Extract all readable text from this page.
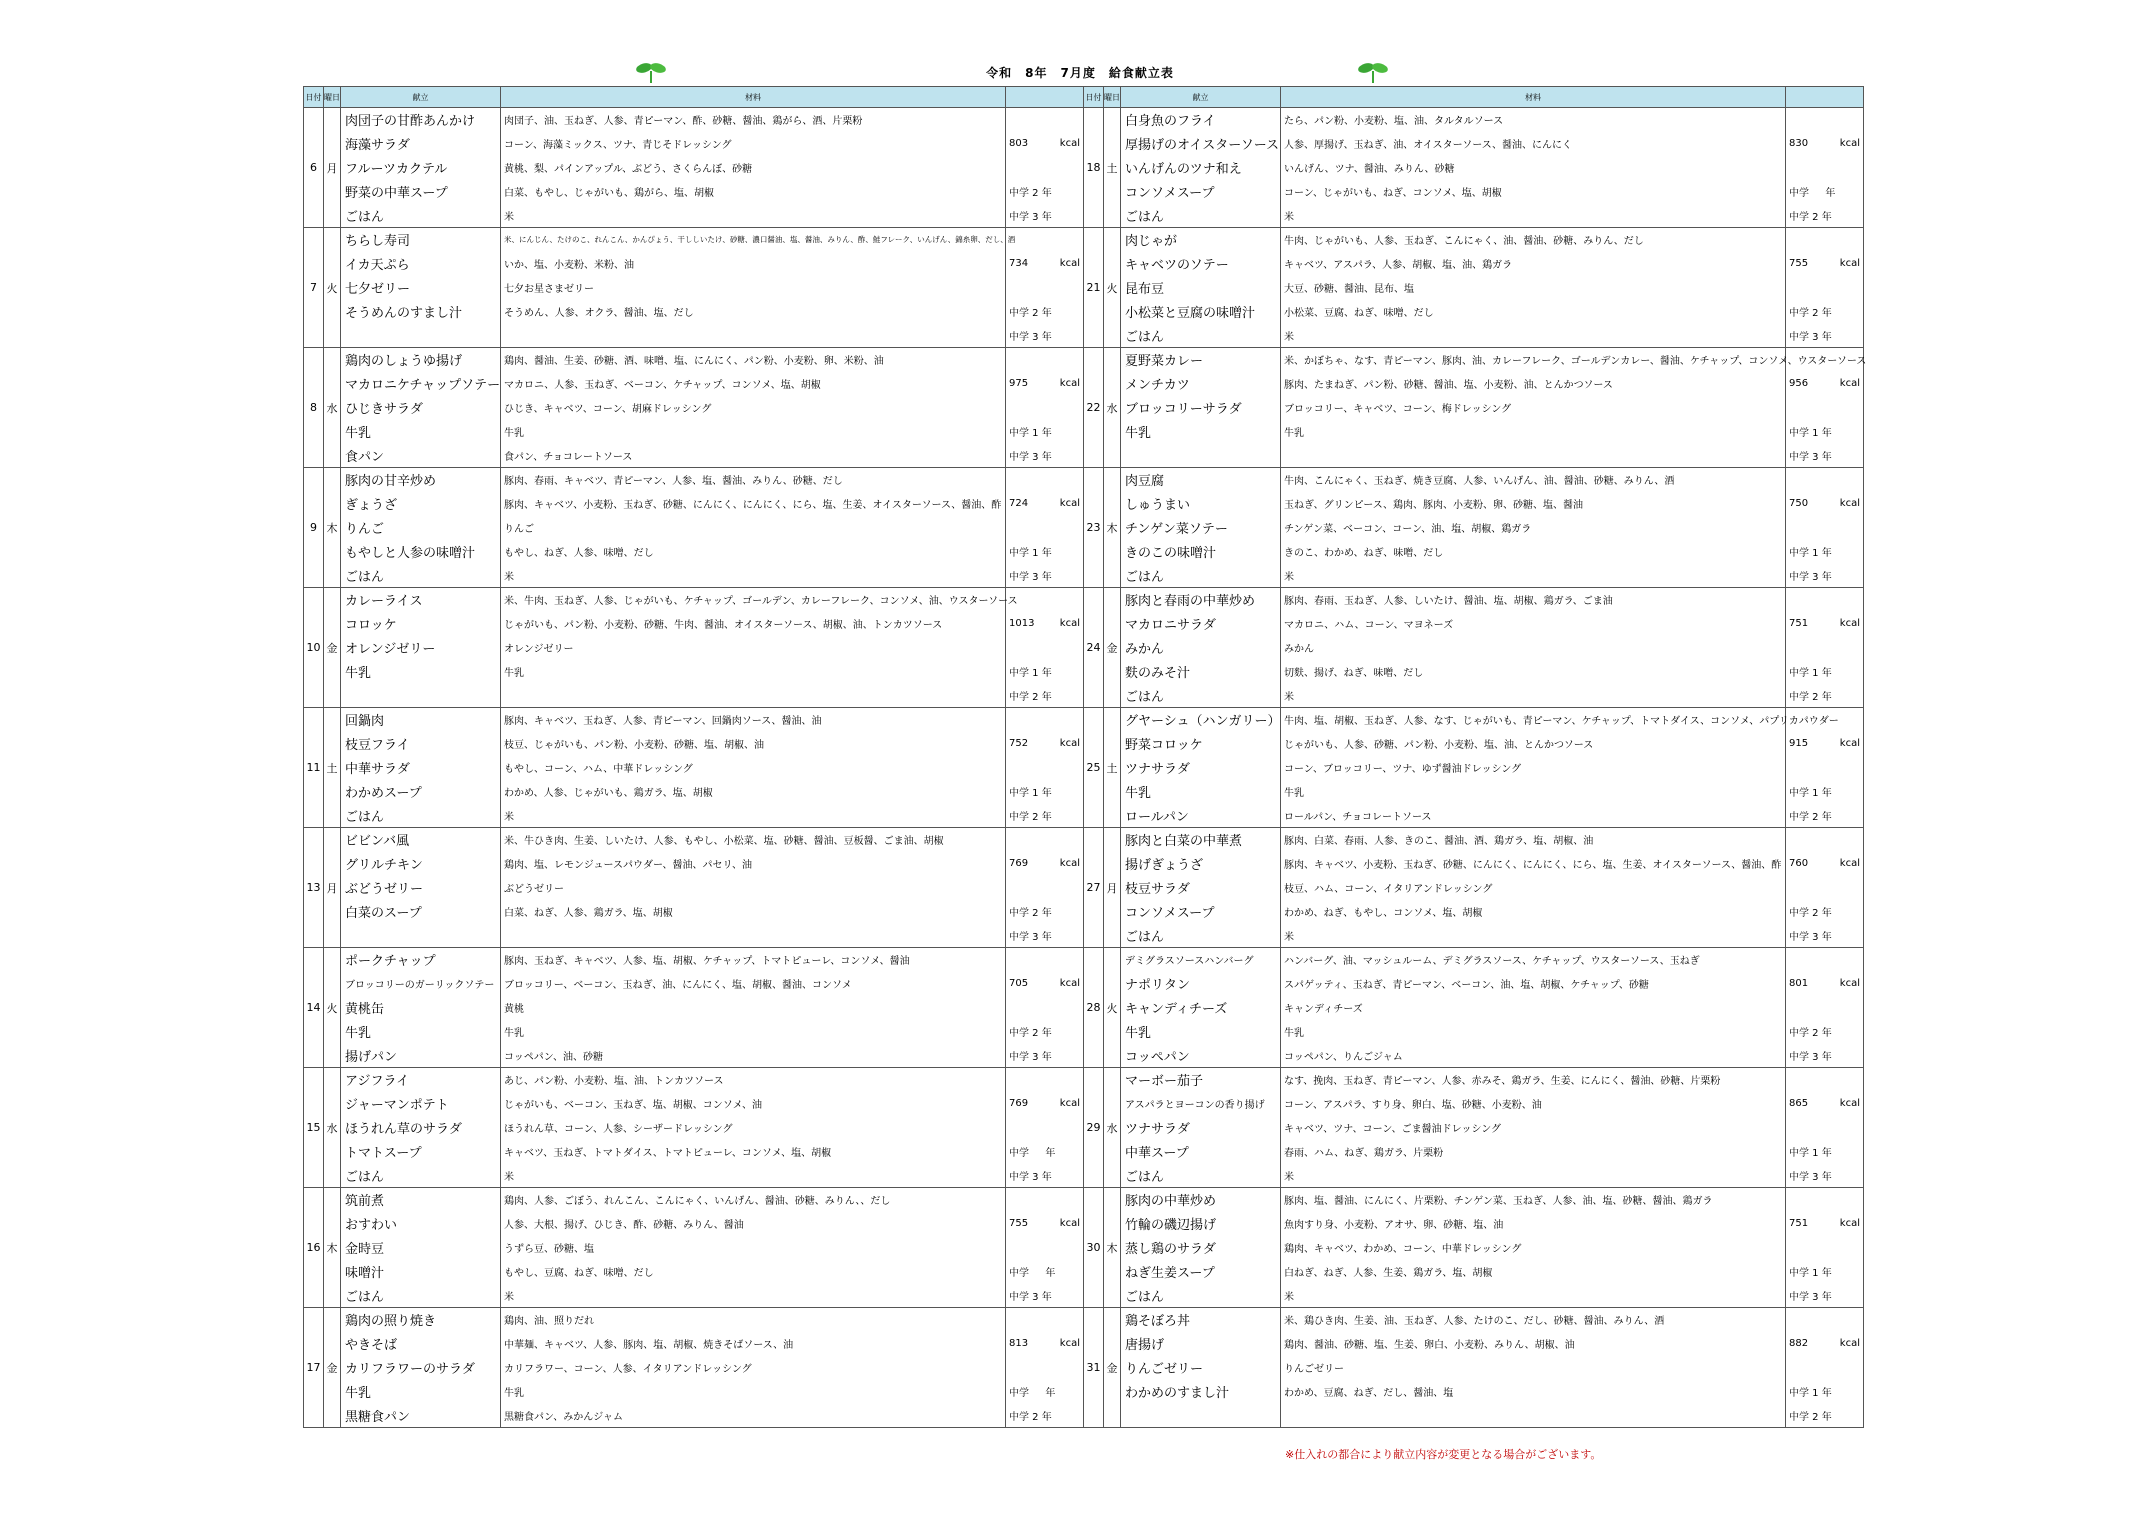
令和　8年　7月度　給食献立表
日付	曜日	献立	材料	
6	月	肉団子の甘酢あんかけ	肉団子、油、玉ねぎ、人参、青ピーマン、酢、砂糖、醤油、鶏がら、酒、片栗粉	
		海藻サラダ	コーン、海藻ミックス、ツナ、青じそドレッシング	803 kcal

		フルーツカクテル	黄桃、梨、パインアップル、ぶどう、さくらんぼ、砂糖	
		野菜の中華スープ	白菜、もやし、じゃがいも、鶏がら、塩、胡椒	中学 2 年
		ごはん	米	中学 3 年
7	火	ちらし寿司	米、にんじん、たけのこ、れんこん、かんぴょう、干ししいたけ、砂糖、濃口醤油、塩、醤油、みりん、酢、鮭フレーク、いんげん、錦糸卵、だし、酒	
		イカ天ぷら	いか、塩、小麦粉、米粉、油	734 kcal

		七夕ゼリー	七夕お星さまゼリー	
		そうめんのすまし汁	そうめん、人参、オクラ、醤油、塩、だし	中学 2 年
				中学 3 年
8	水	鶏肉のしょうゆ揚げ	鶏肉、醤油、生姜、砂糖、酒、味噌、塩、にんにく、パン粉、小麦粉、卵、米粉、油	
		マカロニケチャップソテー	マカロニ、人参、玉ねぎ、ベーコン、ケチャップ、コンソメ、塩、胡椒	975 kcal

		ひじきサラダ	ひじき、キャベツ、コーン、胡麻ドレッシング	
		牛乳	牛乳	中学 1 年
		食パン	食パン、チョコレートソース	中学 3 年
9	木	豚肉の甘辛炒め	豚肉、春雨、キャベツ、青ピーマン、人参、塩、醤油、みりん、砂糖、だし	
		ぎょうざ	豚肉、キャベツ、小麦粉、玉ねぎ、砂糖、にんにく、にんにく、にら、塩、生姜、オイスターソース、醤油、酢	724 kcal

		りんご	りんご	
		もやしと人参の味噌汁	もやし、ねぎ、人参、味噌、だし	中学 1 年
		ごはん	米	中学 3 年
10	金	カレーライス	米、牛肉、玉ねぎ、人参、じゃがいも、ケチャップ、ゴールデン、カレーフレーク、コンソメ、油、ウスターソース	
		コロッケ	じゃがいも、パン粉、小麦粉、砂糖、牛肉、醤油、オイスターソース、胡椒、油、トンカツソース	1013 kcal

		オレンジゼリー	オレンジゼリー	
		牛乳	牛乳	中学 1 年
				中学 2 年
11	土	回鍋肉	豚肉、キャベツ、玉ねぎ、人参、青ピーマン、回鍋肉ソース、醤油、油	
		枝豆フライ	枝豆、じゃがいも、パン粉、小麦粉、砂糖、塩、胡椒、油	752 kcal

		中華サラダ	もやし、コーン、ハム、中華ドレッシング	
		わかめスープ	わかめ、人参、じゃがいも、鶏ガラ、塩、胡椒	中学 1 年
		ごはん	米	中学 2 年
13	月	ビビンバ風	米、牛ひき肉、生姜、しいたけ、人参、もやし、小松菜、塩、砂糖、醤油、豆板醤、ごま油、胡椒	
		グリルチキン	鶏肉、塩、レモンジュースパウダー、醤油、パセリ、油	769 kcal

		ぶどうゼリー	ぶどうゼリー	
		白菜のスープ	白菜、ねぎ、人参、鶏ガラ、塩、胡椒	中学 2 年
				中学 3 年
14	火	ポークチャップ	豚肉、玉ねぎ、キャベツ、人参、塩、胡椒、ケチャップ、トマトピューレ、コンソメ、醤油	
		ブロッコリーのガーリックソテー	ブロッコリー、ベーコン、玉ねぎ、油、にんにく、塩、胡椒、醤油、コンソメ	705 kcal

		黄桃缶	黄桃	
		牛乳	牛乳	中学 2 年
		揚げパン	コッペパン、油、砂糖	中学 3 年
15	水	アジフライ	あじ、パン粉、小麦粉、塩、油、トンカツソース	
		ジャーマンポテト	じゃがいも、ベーコン、玉ねぎ、塩、胡椒、コンソメ、油	769 kcal

		ほうれん草のサラダ	ほうれん草、コーン、人参、シーザードレッシング	
		トマトスープ	キャベツ、玉ねぎ、トマトダイス、トマトピューレ、コンソメ、塩、胡椒	中学 　 年
		ごはん	米	中学 3 年
16	木	筑前煮	鶏肉、人参、ごぼう、れんこん、こんにゃく、いんげん、醤油、砂糖、みりん、、だし	
		おすわい	人参、大根、揚げ、ひじき、酢、砂糖、みりん、醤油	755 kcal

		金時豆	うずら豆、砂糖、塩	
		味噌汁	もやし、豆腐、ねぎ、味噌、だし	中学 　 年
		ごはん	米	中学 3 年
17	金	鶏肉の照り焼き	鶏肉、油、照りだれ	
		やきそば	中華麺、キャベツ、人参、豚肉、塩、胡椒、焼きそばソース、油	813 kcal

		カリフラワーのサラダ	カリフラワー、コーン、人参、イタリアンドレッシング	
		牛乳	牛乳	中学 　 年
		黒糖食パン	黒糖食パン、みかんジャム	中学 2 年
日付	曜日	献立	材料	
18	土	白身魚のフライ	たら、パン粉、小麦粉、塩、油、タルタルソース	
		厚揚げのオイスターソース	人参、厚揚げ、玉ねぎ、油、オイスターソース、醤油、にんにく	830 kcal

		いんげんのツナ和え	いんげん、ツナ、醤油、みりん、砂糖	
		コンソメスープ	コーン、じゃがいも、ねぎ、コンソメ、塩、胡椒	中学 　 年
		ごはん	米	中学 2 年
21	火	肉じゃが	牛肉、じゃがいも、人参、玉ねぎ、こんにゃく、油、醤油、砂糖、みりん、だし	
		キャベツのソテー	キャベツ、アスパラ、人参、胡椒、塩、油、鶏ガラ	755 kcal

		昆布豆	大豆、砂糖、醤油、昆布、塩	
		小松菜と豆腐の味噌汁	小松菜、豆腐、ねぎ、味噌、だし	中学 2 年
		ごはん	米	中学 3 年
22	水	夏野菜カレー	米、かぼちゃ、なす、青ピーマン、豚肉、油、カレーフレーク、ゴールデンカレー、醤油、ケチャップ、コンソメ、ウスターソース	
		メンチカツ	豚肉、たまねぎ、パン粉、砂糖、醤油、塩、小麦粉、油、とんかつソース	956 kcal

		ブロッコリーサラダ	ブロッコリー、キャベツ、コーン、梅ドレッシング	
		牛乳	牛乳	中学 1 年
				中学 3 年
23	木	肉豆腐	牛肉、こんにゃく、玉ねぎ、焼き豆腐、人参、いんげん、油、醤油、砂糖、みりん、酒	
		しゅうまい	玉ねぎ、グリンピース、鶏肉、豚肉、小麦粉、卵、砂糖、塩、醤油	750 kcal

		チンゲン菜ソテー	チンゲン菜、ベーコン、コーン、油、塩、胡椒、鶏ガラ	
		きのこの味噌汁	きのこ、わかめ、ねぎ、味噌、だし	中学 1 年
		ごはん	米	中学 3 年
24	金	豚肉と春雨の中華炒め	豚肉、春雨、玉ねぎ、人参、しいたけ、醤油、塩、胡椒、鶏ガラ、ごま油	
		マカロニサラダ	マカロニ、ハム、コーン、マヨネーズ	751 kcal

		みかん	みかん	
		麩のみそ汁	切麩、揚げ、ねぎ、味噌、だし	中学 1 年
		ごはん	米	中学 2 年
25	土	グヤーシュ（ハンガリー）	牛肉、塩、胡椒、玉ねぎ、人参、なす、じゃがいも、青ピーマン、ケチャップ、トマトダイス、コンソメ、パプリカパウダー	
		野菜コロッケ	じゃがいも、人参、砂糖、パン粉、小麦粉、塩、油、とんかつソース	915 kcal

		ツナサラダ	コーン、ブロッコリー、ツナ、ゆず醤油ドレッシング	
		牛乳	牛乳	中学 1 年
		ロールパン	ロールパン、チョコレートソース	中学 2 年
27	月	豚肉と白菜の中華煮	豚肉、白菜、春雨、人参、きのこ、醤油、酒、鶏ガラ、塩、胡椒、油	
		揚げぎょうざ	豚肉、キャベツ、小麦粉、玉ねぎ、砂糖、にんにく、にんにく、にら、塩、生姜、オイスターソース、醤油、酢	760 kcal

		枝豆サラダ	枝豆、ハム、コーン、イタリアンドレッシング	
		コンソメスープ	わかめ、ねぎ、もやし、コンソメ、塩、胡椒	中学 2 年
		ごはん	米	中学 3 年
28	火	デミグラスソースハンバーグ	ハンバーグ、油、マッシュルーム、デミグラスソース、ケチャップ、ウスターソース、玉ねぎ	
		ナポリタン	スパゲッティ、玉ねぎ、青ピーマン、ベーコン、油、塩、胡椒、ケチャップ、砂糖	801 kcal

		キャンディチーズ	キャンディチーズ	
		牛乳	牛乳	中学 2 年
		コッペパン	コッペパン、りんごジャム	中学 3 年
29	水	マーボー茄子	なす、挽肉、玉ねぎ、青ピーマン、人参、赤みそ、鶏ガラ、生姜、にんにく、醤油、砂糖、片栗粉	
		アスパラとヨーコンの香り揚げ	コーン、アスパラ、すり身、卵白、塩、砂糖、小麦粉、油	865 kcal

		ツナサラダ	キャベツ、ツナ、コーン、ごま醤油ドレッシング	
		中華スープ	春雨、ハム、ねぎ、鶏ガラ、片栗粉	中学 1 年
		ごはん	米	中学 3 年
30	木	豚肉の中華炒め	豚肉、塩、醤油、にんにく、片栗粉、チンゲン菜、玉ねぎ、人参、油、塩、砂糖、醤油、鶏ガラ	
		竹輪の磯辺揚げ	魚肉すり身、小麦粉、アオサ、卵、砂糖、塩、油	751 kcal

		蒸し鶏のサラダ	鶏肉、キャベツ、わかめ、コーン、中華ドレッシング	
		ねぎ生姜スープ	白ねぎ、ねぎ、人参、生姜、鶏ガラ、塩、胡椒	中学 1 年
		ごはん	米	中学 3 年
31	金	鶏そぼろ丼	米、鶏ひき肉、生姜、油、玉ねぎ、人参、たけのこ、だし、砂糖、醤油、みりん、酒	
		唐揚げ	鶏肉、醤油、砂糖、塩、生姜、卵白、小麦粉、みりん、胡椒、油	882 kcal

		りんごゼリー	りんごゼリー	
		わかめのすまし汁	わかめ、豆腐、ねぎ、だし、醤油、塩	中学 1 年
				中学 2 年
※仕入れの都合により献立内容が変更となる場合がございます。
